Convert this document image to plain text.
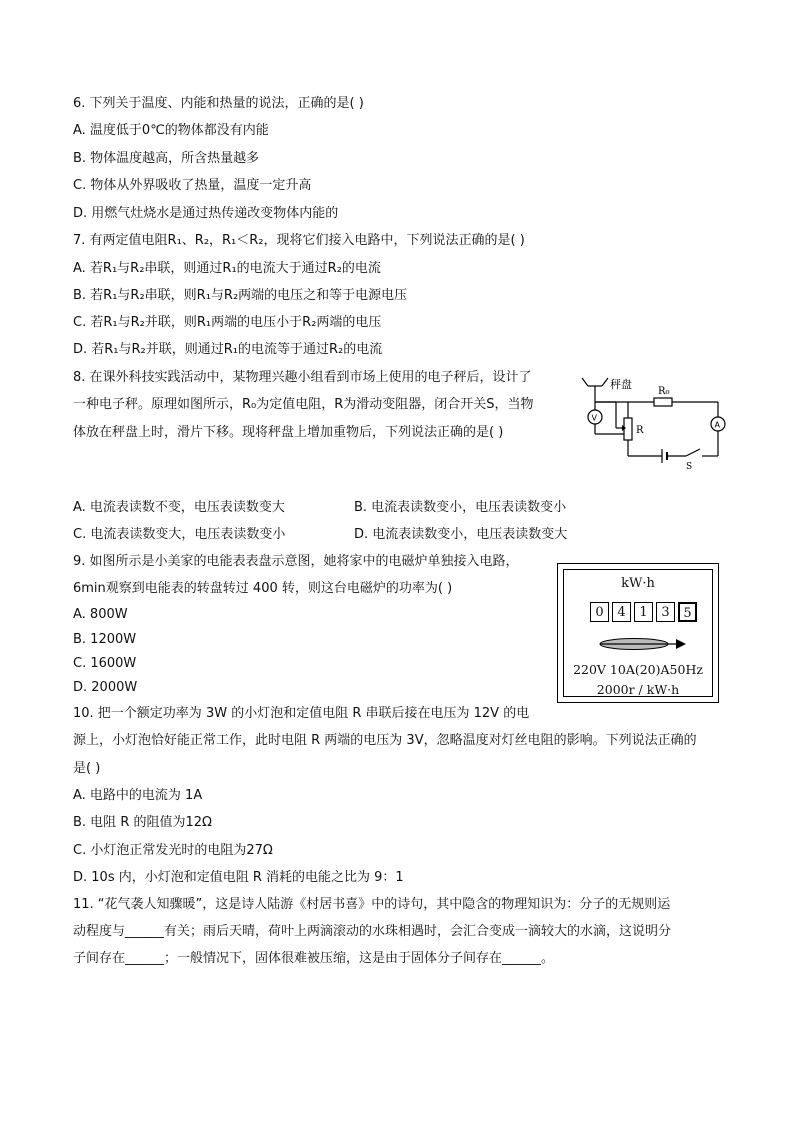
6. 下列关于温度、内能和热量的说法，正确的是( )
A. 温度低于0℃的物体都没有内能
B. 物体温度越高，所含热量越多
C. 物体从外界吸收了热量，温度一定升高
D. 用燃气灶烧水是通过热传递改变物体内能的
7. 有两定值电阻R₁、R₂，R₁＜R₂，现将它们接入电路中，下列说法正确的是( )
A. 若R₁与R₂串联，则通过R₁的电流大于通过R₂的电流
B. 若R₁与R₂串联，则R₁与R₂两端的电压之和等于电源电压
C. 若R₁与R₂并联，则R₁两端的电压小于R₂两端的电压
D. 若R₁与R₂并联，则通过R₁的电流等于通过R₂的电流
8. 在课外科技实践活动中，某物理兴趣小组看到市场上使用的电子秤后，设计了
一种电子秤。原理如图所示，R₀为定值电阻，R为滑动变阻器，闭合开关S，当物
体放在秤盘上时，滑片下移。现将秤盘上增加重物后，下列说法正确的是( )
A. 电流表读数不变，电压表读数变大	B. 电流表读数变小，电压表读数变小
C. 电流表读数变大，电压表读数变小	D. 电流表读数变小，电压表读数变大
秤盘
R₀
R
S
V
A
9. 如图所示是小美家的电能表表盘示意图，她将家中的电磁炉单独接入电路，
6min观察到电能表的转盘转过 400 转，则这台电磁炉的功率为( )
A. 800W
B. 1200W
C. 1600W
D. 2000W
kW·h
0	4	1	3	5
220V 10A(20)A50Hz
2000r / kW·h
10. 把一个额定功率为 3W 的小灯泡和定值电阻 R 串联后接在电压为 12V 的电
源上，小灯泡恰好能正常工作，此时电阻 R 两端的电压为 3V，忽略温度对灯丝电阻的影响。下列说法正确的
是( )
A. 电路中的电流为 1A
B. 电阻 R 的阻值为12Ω
C. 小灯泡正常发光时的电阻为27Ω
D. 10s 内，小灯泡和定值电阻 R 消耗的电能之比为 9：1
11. “花气袭人知骤暖”，这是诗人陆游《村居书喜》中的诗句，其中隐含的物理知识为：分子的无规则运
动程度与______有关；雨后天晴，荷叶上两滴滚动的水珠相遇时，会汇合变成一滴较大的水滴，这说明分
子间存在______；一般情况下，固体很难被压缩，这是由于固体分子间存在______。
